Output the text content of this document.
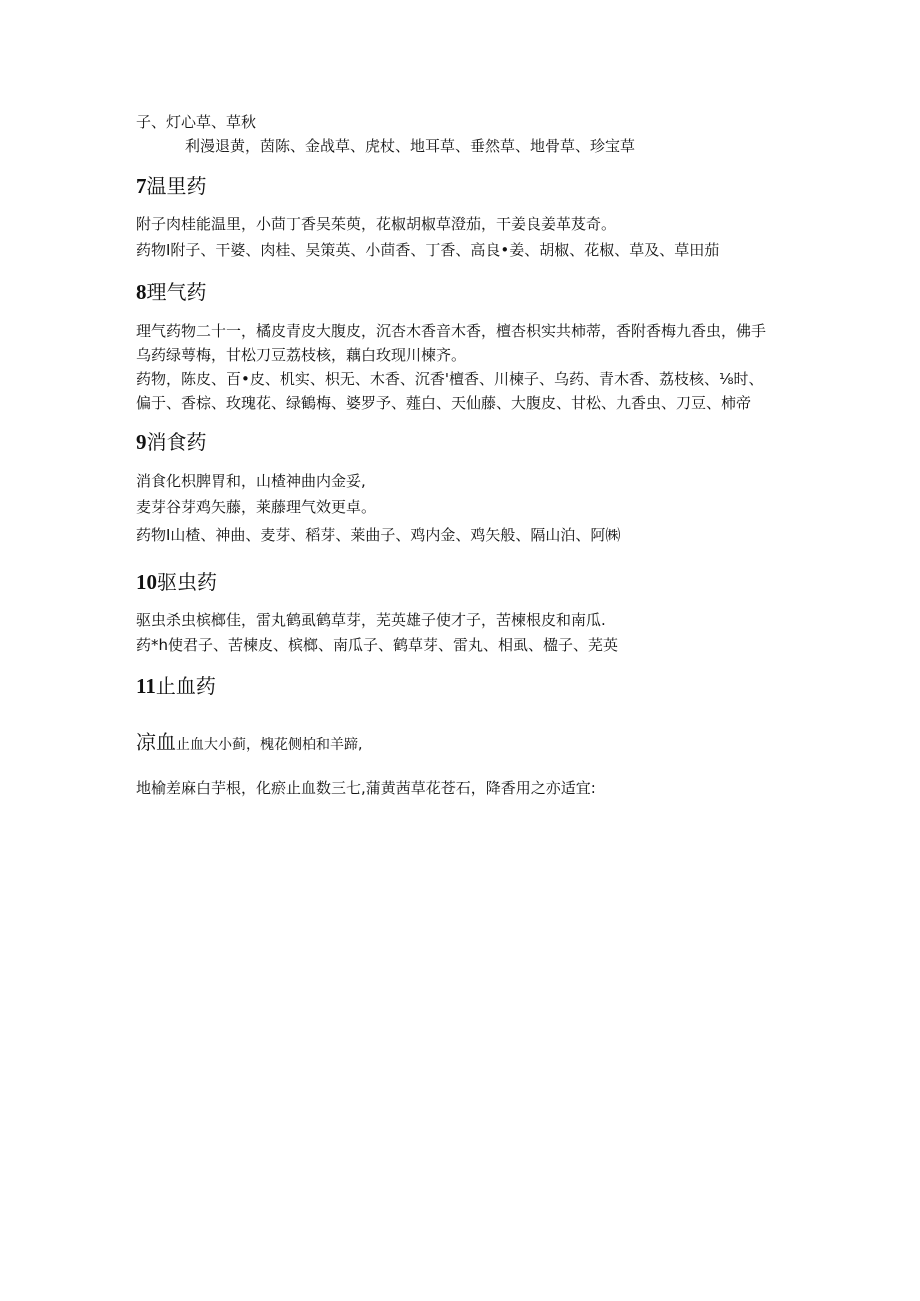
子、灯心草、草秋
利漫退黄，茵陈、金战草、虎杖、地耳草、垂然草、地骨草、珍宝草
7温里药
附子肉桂能温里，小茴丁香吴茱萸，花椒胡椒草澄茄，干姜良姜革芨奇。
药物I附子、干婆、肉桂、吴策英、小茴香、丁香、高良•姜、胡椒、花椒、草及、草田茄
8理气药
理气药物二十一，橘皮青皮大腹皮，沉杏木香音木香，檀杏枳实共柿蒂，香附香梅九香虫，佛手
乌药绿萼梅，甘松刀豆荔枝核，藕白玫现川楝齐。
药物，陈皮、百•皮、机实、枳无、木香、沉香'檀香、川楝子、乌药、青木香、荔枝核、⅛时、
偏于、香棕、玫瑰花、绿鶴梅、婆罗予、薤白、天仙藤、大腹皮、甘松、九香虫、刀豆、柿帝
9消食药
消食化枳脾胃和，山楂神曲内金妥,
麦芽谷芽鸡矢藤，莱藤理气效更卓。
药物I山楂、神曲、麦芽、稻芽、莱曲子、鸡内金、鸡矢般、隔山泊、阿㈱
10驱虫药
驱虫杀虫槟榔佳，雷丸鹤虱鹤草芽，芜英雄子使才子，苦楝根皮和南瓜.
药*h使君子、苦楝皮、槟榔、南瓜子、鹤草芽、雷丸、相虱、楹子、芜英
11止血药
凉血止血大小蓟，槐花侧柏和羊蹄,
地榆差麻白芋根，化瘀止血数三七,蒲黄茜草花苍石，降香用之亦适宜:
